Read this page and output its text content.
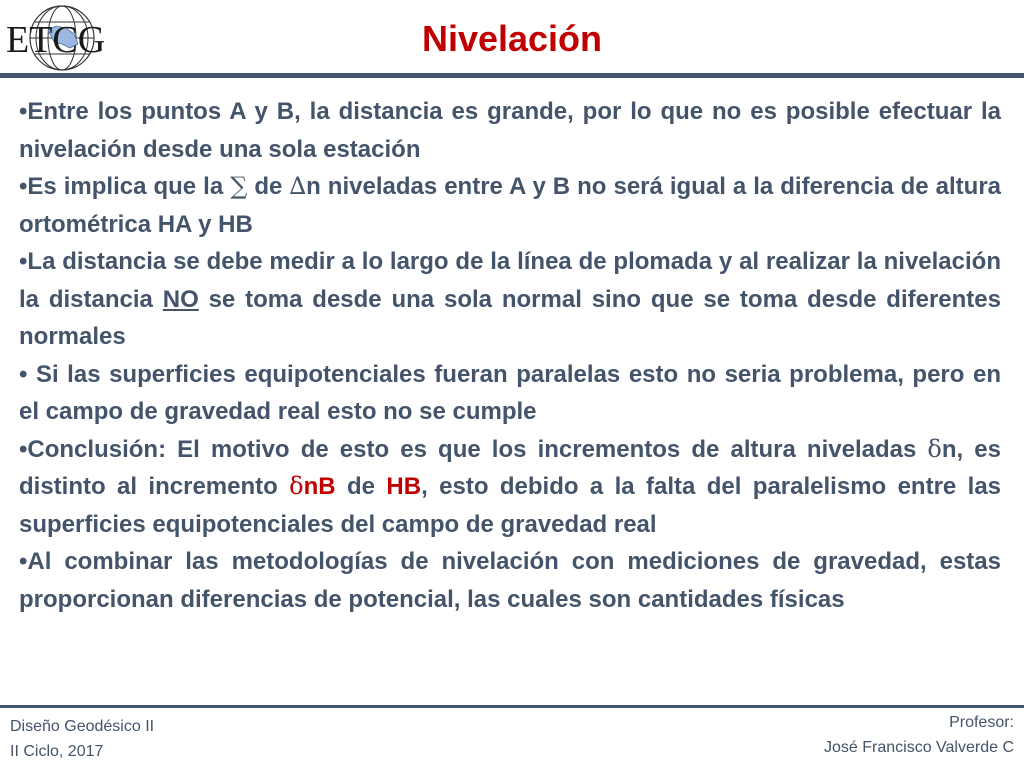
ETCG	Nivelación

•Entre los puntos A y B, la distancia es grande, por lo que no es posible efectuar la nivelación desde una sola estación

•Es implica que la ∑ de ∆n niveladas entre A y B no será igual a la diferencia de altura ortométrica HA y HB

•La distancia se debe medir a lo largo de la línea de plomada y al realizar la nivelación la distancia NO se toma desde una sola normal sino que se toma desde diferentes normales

• Si las superficies equipotenciales fueran paralelas esto no seria problema, pero en el campo de gravedad real esto no se cumple

•Conclusión: El motivo de esto es que los incrementos de altura niveladas δn, es distinto al incremento δnB de HB, esto debido a la falta del paralelismo entre las superficies equipotenciales del campo de gravedad real

•Al combinar las metodologías de nivelación con mediciones de gravedad, estas proporcionan diferencias de potencial, las cuales son cantidades físicas

Diseño Geodésico II
II Ciclo, 2017
Profesor:
José Francisco Valverde C
